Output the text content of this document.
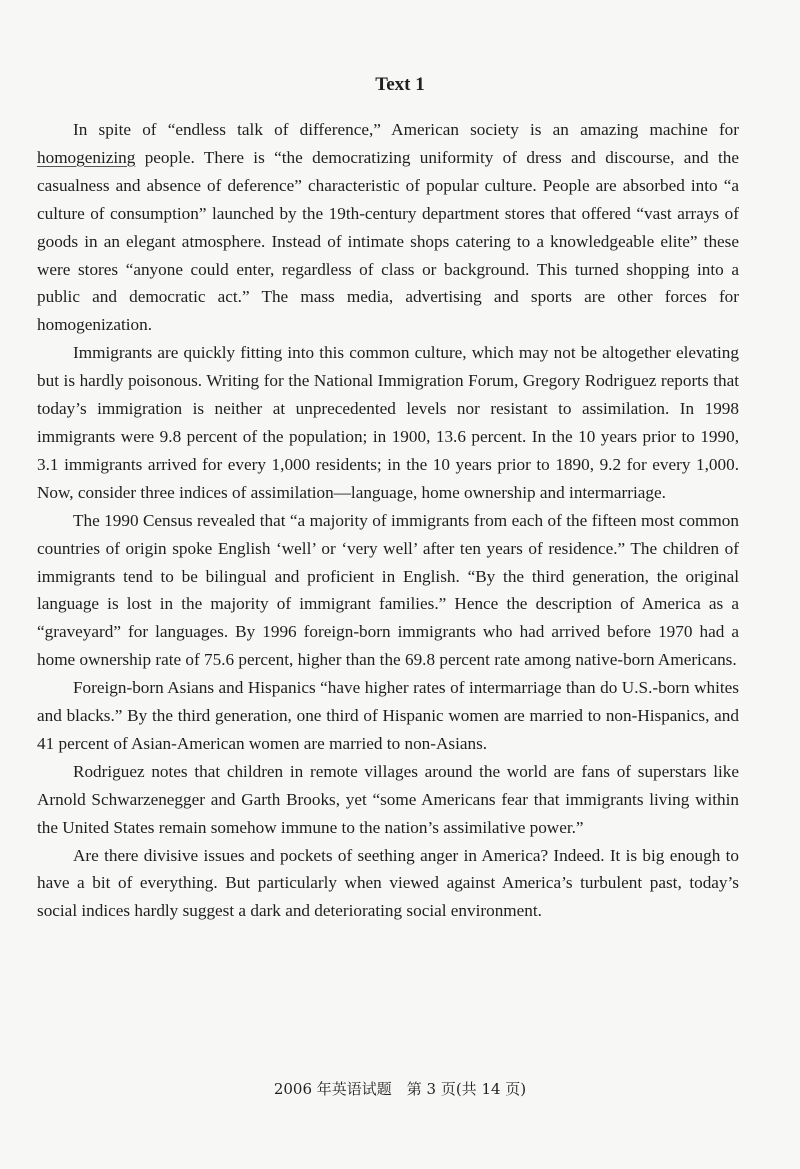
Text 1

In spite of “endless talk of difference,” American society is an amazing machine for homogenizing people. There is “the democratizing uniformity of dress and discourse, and the casualness and absence of deference” characteristic of popular culture. People are absorbed into “a culture of consumption” launched by the 19th-century department stores that offered “vast arrays of goods in an elegant atmosphere. Instead of intimate shops catering to a knowledgeable elite” these were stores “anyone could enter, regardless of class or background. This turned shopping into a public and democratic act.” The mass media, advertising and sports are other forces for homogenization.

Immigrants are quickly fitting into this common culture, which may not be altogether elevating but is hardly poisonous. Writing for the National Immigration Forum, Gregory Rodriguez reports that today’s immigration is neither at unprecedented levels nor resistant to assimilation. In 1998 immigrants were 9.8 percent of the population; in 1900, 13.6 percent. In the 10 years prior to 1990, 3.1 immigrants arrived for every 1,000 residents; in the 10 years prior to 1890, 9.2 for every 1,000. Now, consider three indices of assimilation—language, home ownership and intermarriage.

The 1990 Census revealed that “a majority of immigrants from each of the fifteen most common countries of origin spoke English ‘well’ or ‘very well’ after ten years of residence.” The children of immigrants tend to be bilingual and proficient in English. “By the third generation, the original language is lost in the majority of immigrant families.” Hence the description of America as a “graveyard” for languages. By 1996 foreign-born immigrants who had arrived before 1970 had a home ownership rate of 75.6 percent, higher than the 69.8 percent rate among native-born Americans.

Foreign-born Asians and Hispanics “have higher rates of intermarriage than do U.S.-born whites and blacks.” By the third generation, one third of Hispanic women are married to non-Hispanics, and 41 percent of Asian-American women are married to non-Asians.

Rodriguez notes that children in remote villages around the world are fans of superstars like Arnold Schwarzenegger and Garth Brooks, yet “some Americans fear that immigrants living within the United States remain somehow immune to the nation’s assimilative power.”

Are there divisive issues and pockets of seething anger in America? Indeed. It is big enough to have a bit of everything. But particularly when viewed against America’s turbulent past, today’s social indices hardly suggest a dark and deteriorating social environment.

2006 年英语试题　第 3 页(共 14 页)
